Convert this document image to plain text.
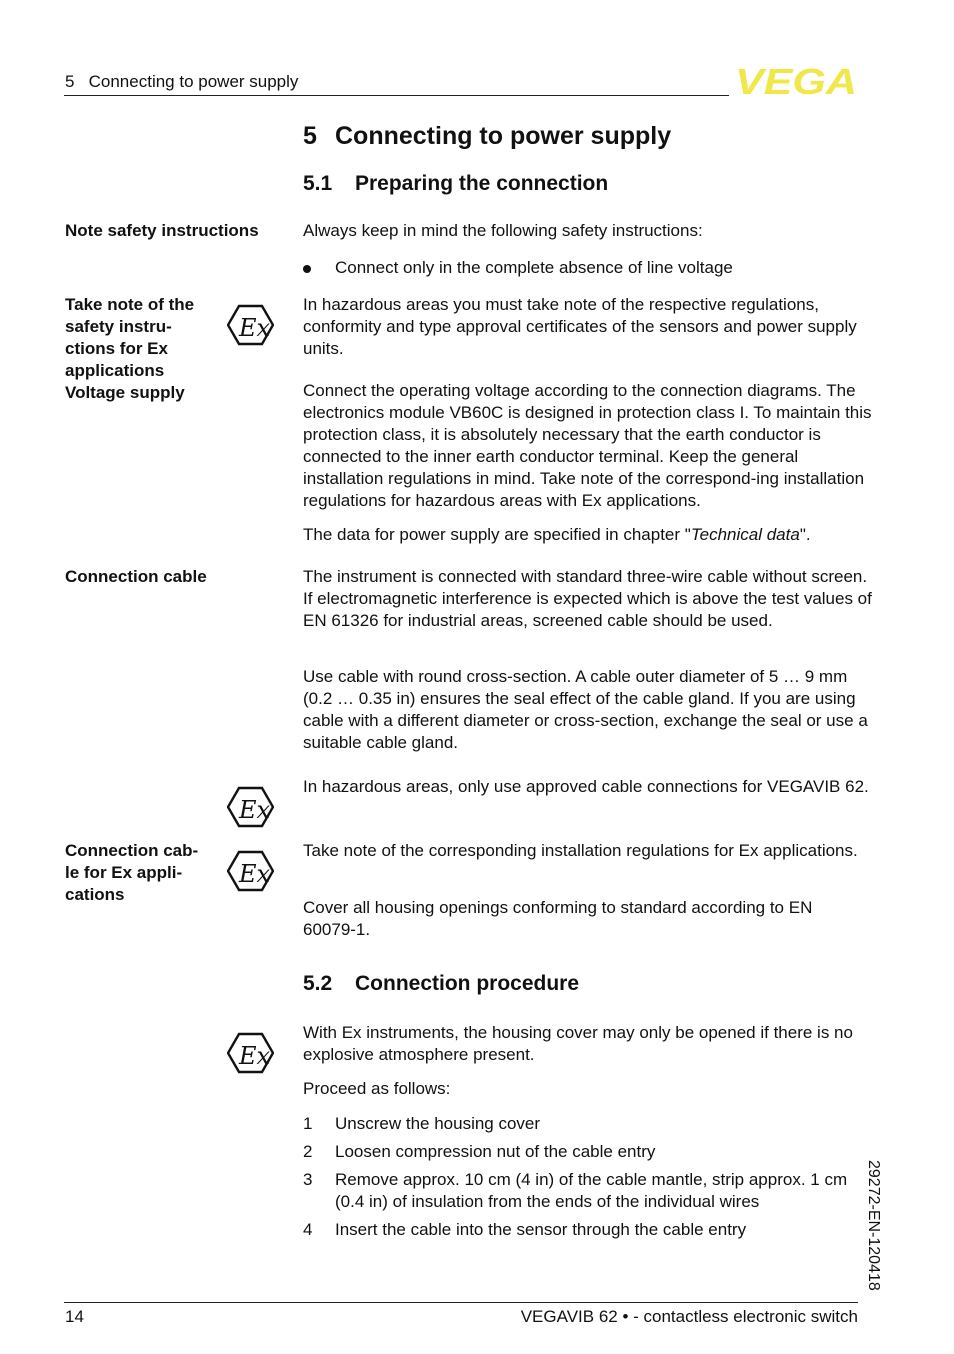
5   Connecting to power supply	VEGA
5 Connecting to power supply
5.1 Preparing the connection
Note safety instructions	Always keep in mind the following safety instructions:
Connect only in the complete absence of line voltage
Take note of the
safety instru-
ctions for Ex
applications
Voltage supply
Ex
In hazardous areas you must take note of the respective regulations, conformity and type approval certificates of the sensors and power supply units.
Connect the operating voltage according to the connection diagrams. The electronics module VB60C is designed in protection class I. To maintain this protection class, it is absolutely necessary that the earth conductor is connected to the inner earth conductor terminal. Keep the general installation regulations in mind. Take note of the correspond-ing installation regulations for hazardous areas with Ex applications.
The data for power supply are specified in chapter "Technical data".
Connection cable	The instrument is connected with standard three-wire cable without screen. If electromagnetic interference is expected which is above the test values of EN 61326 for industrial areas, screened cable should be used.
Use cable with round cross-section. A cable outer diameter of 5 … 9 mm (0.2 … 0.35 in) ensures the seal effect of the cable gland. If you are using cable with a different diameter or cross-section, exchange the seal or use a suitable cable gland.
Ex
In hazardous areas, only use approved cable connections for VEGAVIB 62.
Connection cab-
le for Ex appli-
cations
Ex
Take note of the corresponding installation regulations for Ex applications.
Cover all housing openings conforming to standard according to EN 60079-1.
5.2 Connection procedure
Ex
With Ex instruments, the housing cover may only be opened if there is no explosive atmosphere present.
Proceed as follows:
1 Unscrew the housing cover
2 Loosen compression nut of the cable entry
3 Remove approx. 10 cm (4 in) of the cable mantle, strip approx. 1 cm (0.4 in) of insulation from the ends of the individual wires
4 Insert the cable into the sensor through the cable entry	29272-EN-120418
14	VEGAVIB 62 • - contactless electronic switch
